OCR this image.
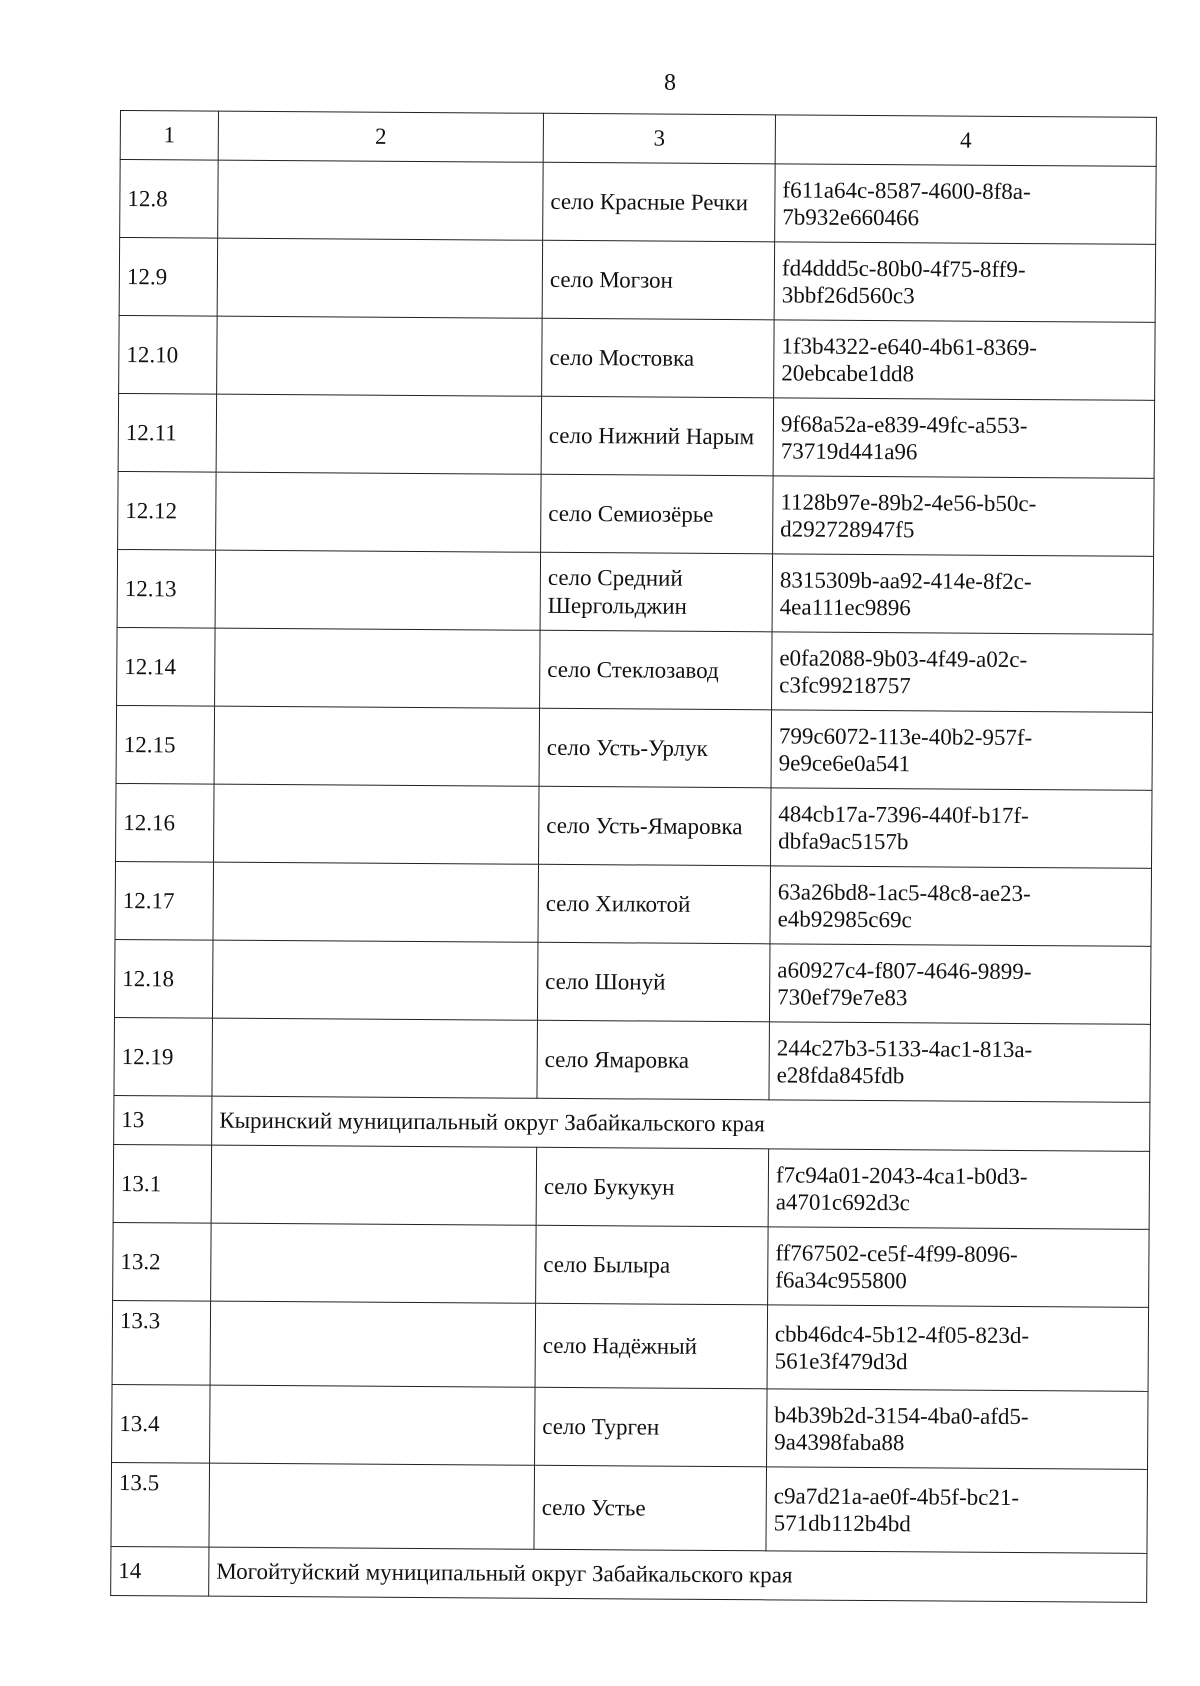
8
1	2	3	4
12.8		село Красные Речки	f611a64c-8587-4600-8f8a-
7b932e660466
12.9		село Могзон	fd4ddd5c-80b0-4f75-8ff9-
3bbf26d560c3
12.10		село Мостовка	1f3b4322-e640-4b61-8369-
20ebcabe1dd8
12.11		село Нижний Нарым	9f68a52a-e839-49fc-a553-
73719d441a96
12.12		село Семиозёрье	1128b97e-89b2-4e56-b50c-
d292728947f5
12.13		село Средний Шергольджин	8315309b-aa92-414e-8f2c-
4ea111ec9896
12.14		село Стеклозавод	e0fa2088-9b03-4f49-a02c-
c3fc99218757
12.15		село Усть-Урлук	799c6072-113e-40b2-957f-
9e9ce6e0a541
12.16		село Усть-Ямаровка	484cb17a-7396-440f-b17f-
dbfa9ac5157b
12.17		село Хилкотой	63a26bd8-1ac5-48c8-ae23-
e4b92985c69c
12.18		село Шонуй	a60927c4-f807-4646-9899-
730ef79e7e83
12.19		село Ямаровка	244c27b3-5133-4ac1-813a-
e28fda845fdb
13	Кыринский муниципальный округ Забайкальского края		
13.1		село Букукун	f7c94a01-2043-4ca1-b0d3-
a4701c692d3c
13.2		село Былыра	ff767502-ce5f-4f99-8096-
f6a34c955800
13.3		село Надёжный	cbb46dc4-5b12-4f05-823d-
561e3f479d3d
13.4		село Турген	b4b39b2d-3154-4ba0-afd5-
9a4398faba88
13.5		село Устье	c9a7d21a-ae0f-4b5f-bc21-
571db112b4bd
14	Могойтуйский муниципальный округ Забайкальского края		
